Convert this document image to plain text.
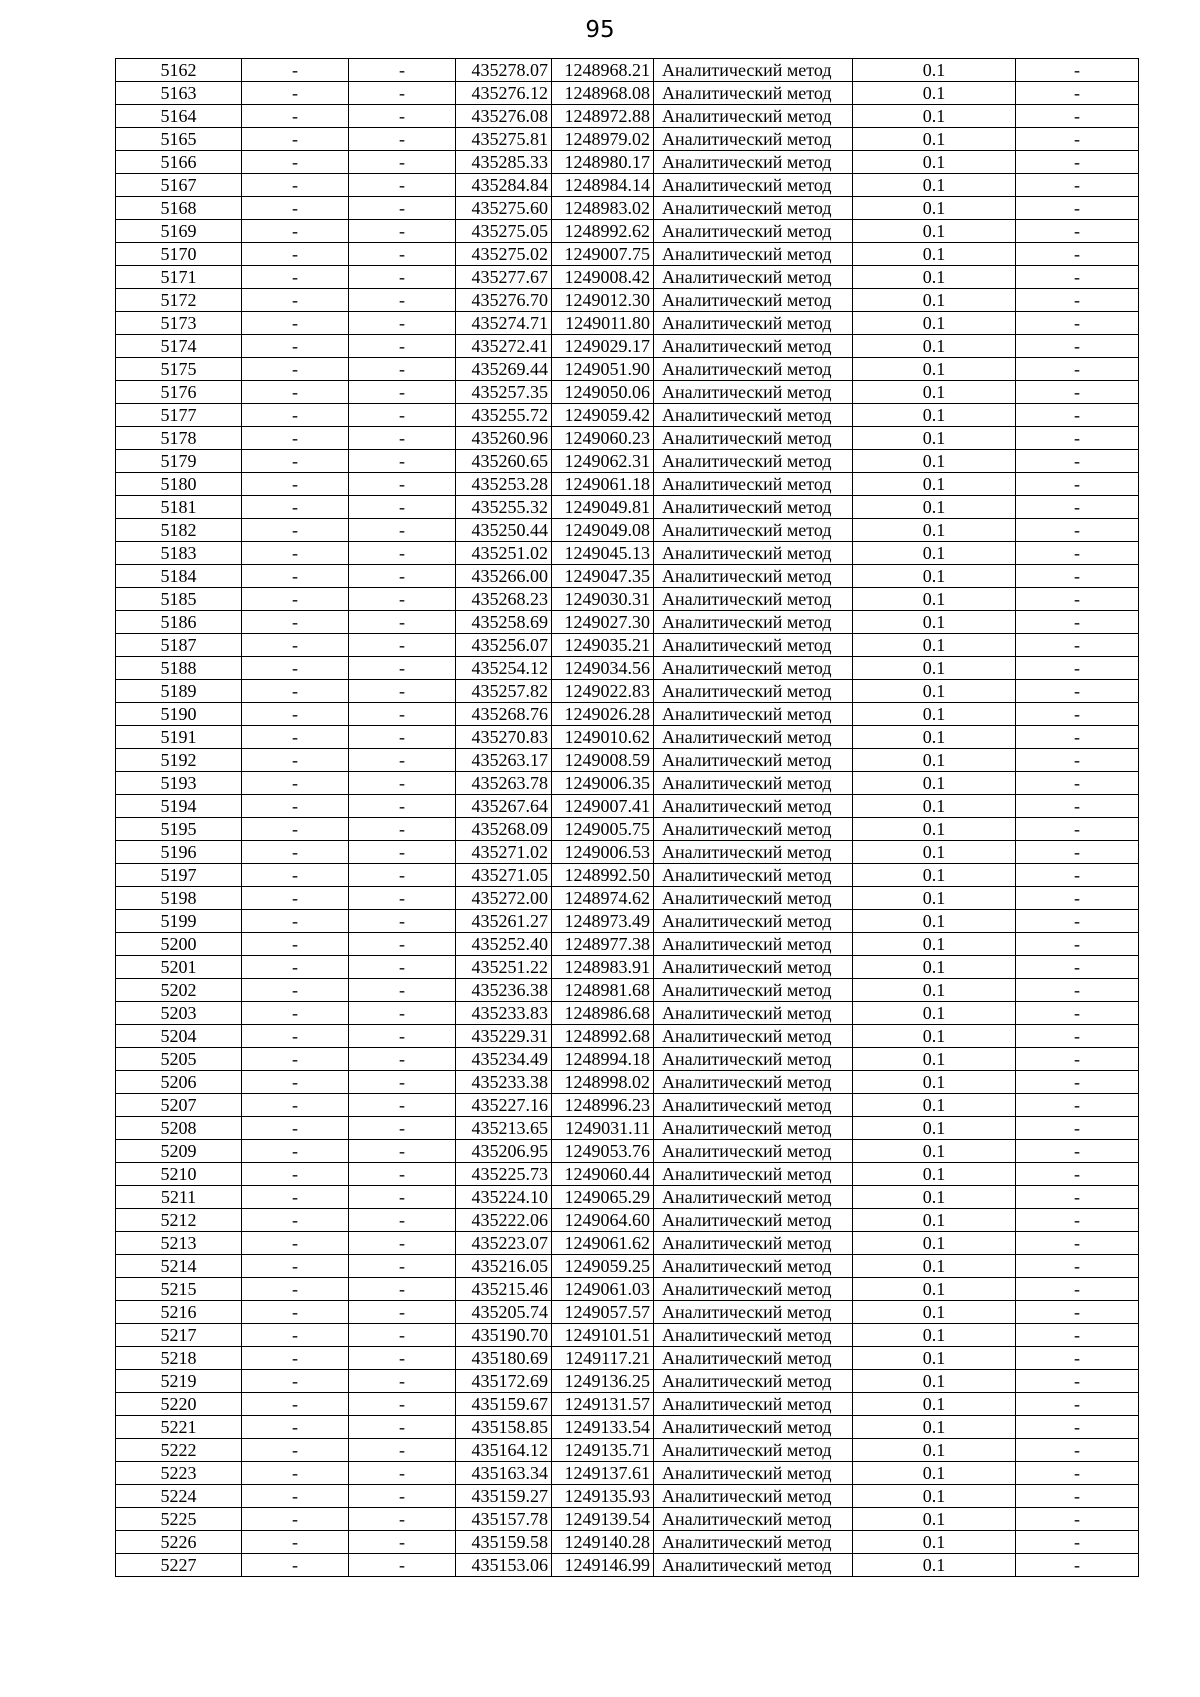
95
5162	-	-	435278.07	1248968.21	Аналитический метод	0.1	-
5163	-	-	435276.12	1248968.08	Аналитический метод	0.1	-
5164	-	-	435276.08	1248972.88	Аналитический метод	0.1	-
5165	-	-	435275.81	1248979.02	Аналитический метод	0.1	-
5166	-	-	435285.33	1248980.17	Аналитический метод	0.1	-
5167	-	-	435284.84	1248984.14	Аналитический метод	0.1	-
5168	-	-	435275.60	1248983.02	Аналитический метод	0.1	-
5169	-	-	435275.05	1248992.62	Аналитический метод	0.1	-
5170	-	-	435275.02	1249007.75	Аналитический метод	0.1	-
5171	-	-	435277.67	1249008.42	Аналитический метод	0.1	-
5172	-	-	435276.70	1249012.30	Аналитический метод	0.1	-
5173	-	-	435274.71	1249011.80	Аналитический метод	0.1	-
5174	-	-	435272.41	1249029.17	Аналитический метод	0.1	-
5175	-	-	435269.44	1249051.90	Аналитический метод	0.1	-
5176	-	-	435257.35	1249050.06	Аналитический метод	0.1	-
5177	-	-	435255.72	1249059.42	Аналитический метод	0.1	-
5178	-	-	435260.96	1249060.23	Аналитический метод	0.1	-
5179	-	-	435260.65	1249062.31	Аналитический метод	0.1	-
5180	-	-	435253.28	1249061.18	Аналитический метод	0.1	-
5181	-	-	435255.32	1249049.81	Аналитический метод	0.1	-
5182	-	-	435250.44	1249049.08	Аналитический метод	0.1	-
5183	-	-	435251.02	1249045.13	Аналитический метод	0.1	-
5184	-	-	435266.00	1249047.35	Аналитический метод	0.1	-
5185	-	-	435268.23	1249030.31	Аналитический метод	0.1	-
5186	-	-	435258.69	1249027.30	Аналитический метод	0.1	-
5187	-	-	435256.07	1249035.21	Аналитический метод	0.1	-
5188	-	-	435254.12	1249034.56	Аналитический метод	0.1	-
5189	-	-	435257.82	1249022.83	Аналитический метод	0.1	-
5190	-	-	435268.76	1249026.28	Аналитический метод	0.1	-
5191	-	-	435270.83	1249010.62	Аналитический метод	0.1	-
5192	-	-	435263.17	1249008.59	Аналитический метод	0.1	-
5193	-	-	435263.78	1249006.35	Аналитический метод	0.1	-
5194	-	-	435267.64	1249007.41	Аналитический метод	0.1	-
5195	-	-	435268.09	1249005.75	Аналитический метод	0.1	-
5196	-	-	435271.02	1249006.53	Аналитический метод	0.1	-
5197	-	-	435271.05	1248992.50	Аналитический метод	0.1	-
5198	-	-	435272.00	1248974.62	Аналитический метод	0.1	-
5199	-	-	435261.27	1248973.49	Аналитический метод	0.1	-
5200	-	-	435252.40	1248977.38	Аналитический метод	0.1	-
5201	-	-	435251.22	1248983.91	Аналитический метод	0.1	-
5202	-	-	435236.38	1248981.68	Аналитический метод	0.1	-
5203	-	-	435233.83	1248986.68	Аналитический метод	0.1	-
5204	-	-	435229.31	1248992.68	Аналитический метод	0.1	-
5205	-	-	435234.49	1248994.18	Аналитический метод	0.1	-
5206	-	-	435233.38	1248998.02	Аналитический метод	0.1	-
5207	-	-	435227.16	1248996.23	Аналитический метод	0.1	-
5208	-	-	435213.65	1249031.11	Аналитический метод	0.1	-
5209	-	-	435206.95	1249053.76	Аналитический метод	0.1	-
5210	-	-	435225.73	1249060.44	Аналитический метод	0.1	-
5211	-	-	435224.10	1249065.29	Аналитический метод	0.1	-
5212	-	-	435222.06	1249064.60	Аналитический метод	0.1	-
5213	-	-	435223.07	1249061.62	Аналитический метод	0.1	-
5214	-	-	435216.05	1249059.25	Аналитический метод	0.1	-
5215	-	-	435215.46	1249061.03	Аналитический метод	0.1	-
5216	-	-	435205.74	1249057.57	Аналитический метод	0.1	-
5217	-	-	435190.70	1249101.51	Аналитический метод	0.1	-
5218	-	-	435180.69	1249117.21	Аналитический метод	0.1	-
5219	-	-	435172.69	1249136.25	Аналитический метод	0.1	-
5220	-	-	435159.67	1249131.57	Аналитический метод	0.1	-
5221	-	-	435158.85	1249133.54	Аналитический метод	0.1	-
5222	-	-	435164.12	1249135.71	Аналитический метод	0.1	-
5223	-	-	435163.34	1249137.61	Аналитический метод	0.1	-
5224	-	-	435159.27	1249135.93	Аналитический метод	0.1	-
5225	-	-	435157.78	1249139.54	Аналитический метод	0.1	-
5226	-	-	435159.58	1249140.28	Аналитический метод	0.1	-
5227	-	-	435153.06	1249146.99	Аналитический метод	0.1	-
